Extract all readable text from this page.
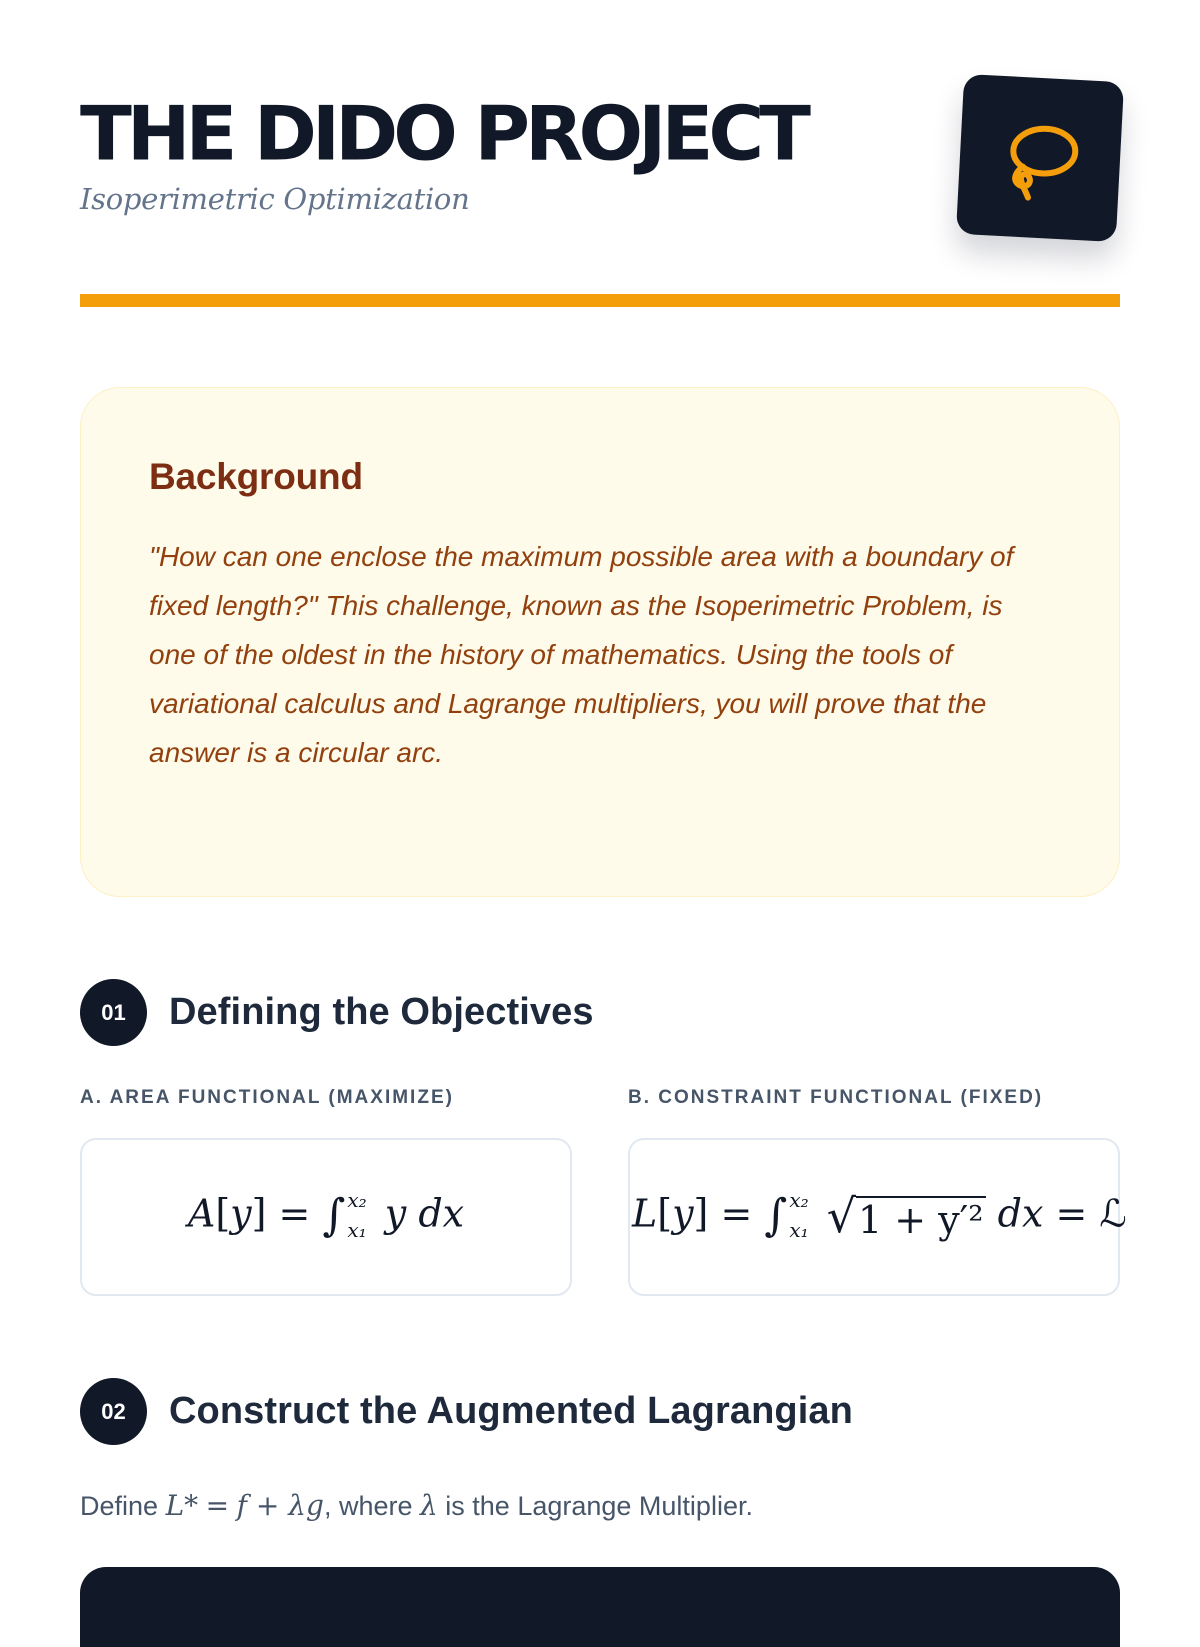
THE DIDO PROJECT
Isoperimetric Optimization
Background

"How can one enclose the maximum possible area with a boundary of fixed length?" This challenge, known as the Isoperimetric Problem, is one of the oldest in the history of mathematics. Using the tools of variational calculus and Lagrange multipliers, you will prove that the answer is a circular arc.

01	Defining the Objectives
A. AREA FUNCTIONAL (MAXIMIZE)	B. CONSTRAINT FUNCTIONAL (FIXED)
A[y] = ∫ x₂
x₁ y dx	L[y] = ∫ x₂
x₁
√ 1 + y′² dx = ℒ
02	Construct the Augmented Lagrangian
Define L* = f + λg, where λ is the Lagrange Multiplier.
